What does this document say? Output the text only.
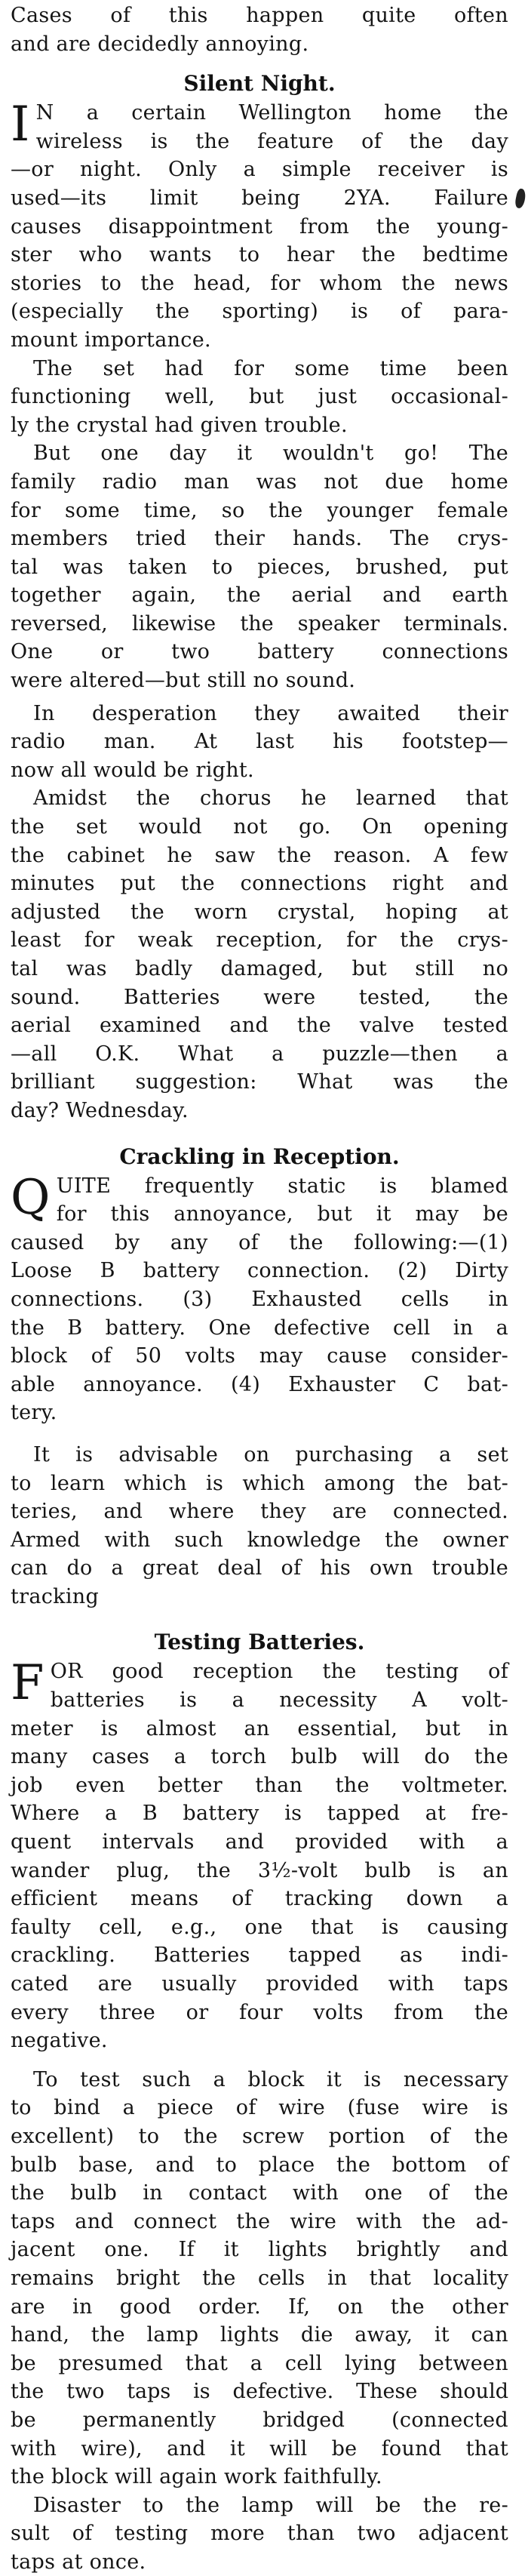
Cases of this happen quite often
and are decidedly annoying.
Silent Night.
I N a certain Wellington home the
wireless is the feature of the day
—or night. Only a simple receiver is
used—its limit being 2YA. Failure
causes disappointment from the young-
ster who wants to hear the bedtime
stories to the head, for whom the news
(especially the sporting) is of para-
mount importance.
The set had for some time been
functioning well, but just occasional-
ly the crystal had given trouble.
But one day it wouldn't go! The
family radio man was not due home
for some time, so the younger female
members tried their hands. The crys-
tal was taken to pieces, brushed, put
together again, the aerial and earth
reversed, likewise the speaker terminals.
One or two battery connections
were altered—but still no sound.
In desperation they awaited their
radio man. At last his footstep—
now all would be right.
Amidst the chorus he learned that
the set would not go. On opening
the cabinet he saw the reason. A few
minutes put the connections right and
adjusted the worn crystal, hoping at
least for weak reception, for the crys-
tal was badly damaged, but still no
sound. Batteries were tested, the
aerial examined and the valve tested
—all O.K. What a puzzle—then a
brilliant suggestion: What was the
day? Wednesday.
Crackling in Reception.
Q UITE frequently static is blamed
for this annoyance, but it may be
caused by any of the following:—(1)
Loose B battery connection. (2) Dirty
connections. (3) Exhausted cells in
the B battery. One defective cell in a
block of 50 volts may cause consider-
able annoyance. (4) Exhauster C bat-
tery.
It is advisable on purchasing a set
to learn which is which among the bat-
teries, and where they are connected.
Armed with such knowledge the owner
can do a great deal of his own trouble
tracking
Testing Batteries.
F OR good reception the testing of
batteries is a necessity A volt-
meter is almost an essential, but in
many cases a torch bulb will do the
job even better than the voltmeter.
Where a B battery is tapped at fre-
quent intervals and provided with a
wander plug, the 3½-volt bulb is an
efficient means of tracking down a
faulty cell, e.g., one that is causing
crackling. Batteries tapped as indi-
cated are usually provided with taps
every three or four volts from the
negative.
To test such a block it is necessary
to bind a piece of wire (fuse wire is
excellent) to the screw portion of the
bulb base, and to place the bottom of
the bulb in contact with one of the
taps and connect the wire with the ad-
jacent one. If it lights brightly and
remains bright the cells in that locality
are in good order. If, on the other
hand, the lamp lights die away, it can
be presumed that a cell lying between
the two taps is defective. These should
be permanently bridged (connected
with wire), and it will be found that
the block will again work faithfully.
Disaster to the lamp will be the re-
sult of testing more than two adjacent
taps at once.
